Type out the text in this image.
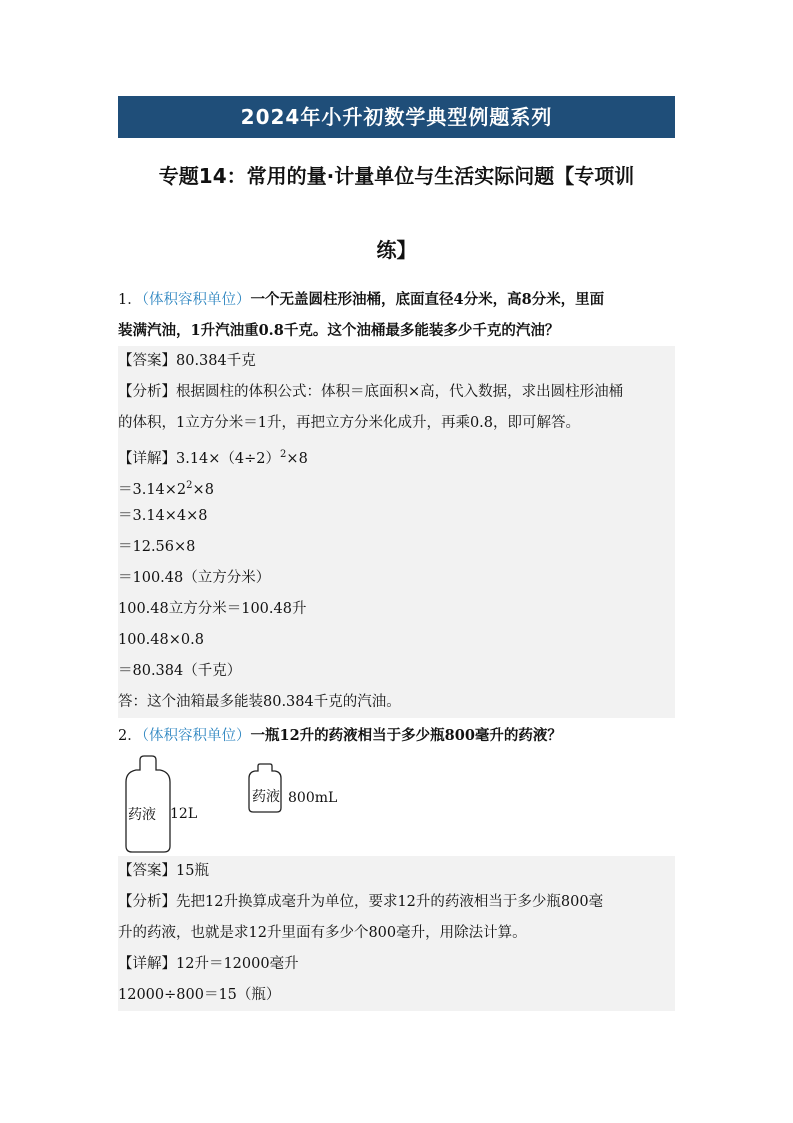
2024年小升初数学典型例题系列
专题14：常用的量·计量单位与生活实际问题【专项训
练】
1．（体积容积单位）一个无盖圆柱形油桶，底面直径4分米，高8分米，里面
装满汽油，1升汽油重0.8千克。这个油桶最多能装多少千克的汽油？
【答案】80.384千克
【分析】根据圆柱的体积公式：体积＝底面积×高，代入数据，求出圆柱形油桶
的体积，1立方分米＝1升，再把立方分米化成升，再乘0.8，即可解答。
【详解】$3.14\times(4\div 2)^2\times 8$
$=3.14\times 2^2\times 8$
＝3.14×4×8
＝12.56×8
＝100.48（立方分米）
100.48立方分米＝100.48升
100.48×0.8
＝80.384（千克）
答：这个油箱最多能装80.384千克的汽油。
2．（体积容积单位）一瓶12升的药液相当于多少瓶800毫升的药液？
药液 12L
药液 800mL
【答案】15瓶
【分析】先把12升换算成毫升为单位，要求12升的药液相当于多少瓶800毫
升的药液，也就是求12升里面有多少个800毫升，用除法计算。
【详解】12升＝12000毫升
12000÷800＝15（瓶）
